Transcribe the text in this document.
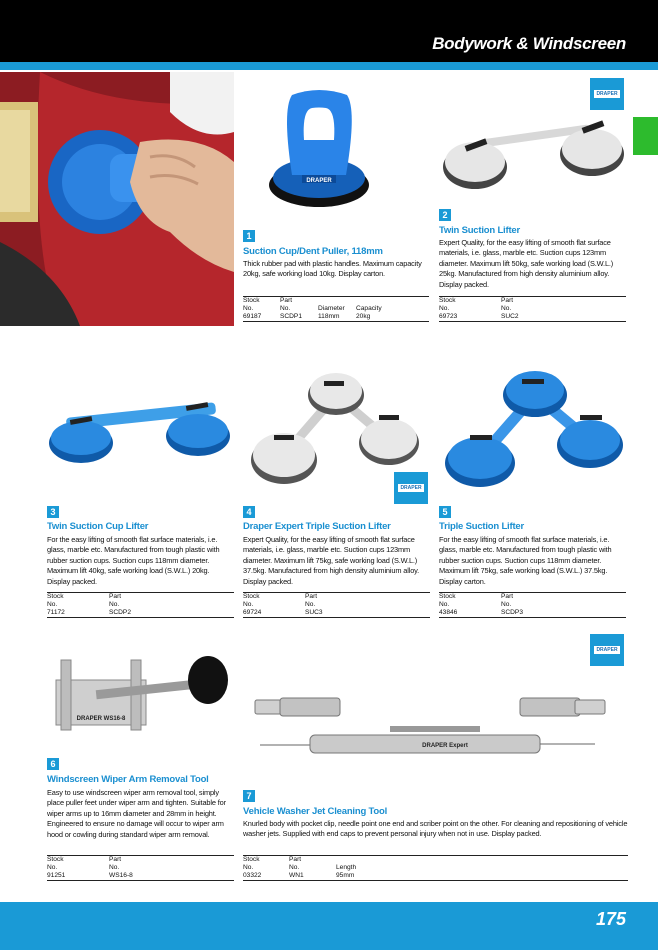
Bodywork & Windscreen
175
DRAPER
DRAPER
DRAPER
DRAPER
DRAPER WS16-8
DRAPER Expert
1
Suction Cup/Dent Puller, 118mm
Thick rubber pad with plastic handles. Maximum capacity 20kg, safe working load 10kg. Display carton.
Stock
No.	Part
No.	Diameter	Capacity
69187	SCDP1	118mm	20kg
2
Twin Suction Lifter
Expert Quality, for the easy lifting of smooth flat surface materials, i.e. glass, marble etc. Suction cups 123mm diameter. Maximum lift 50kg, safe working load (S.W.L.) 25kg. Manufactured from high density aluminium alloy. Display packed.
Stock
No.	Part
No.
69723	SUC2
3
Twin Suction Cup Lifter
For the easy lifting of smooth flat surface materials, i.e. glass, marble etc. Manufactured from tough plastic with rubber suction cups. Suction cups 118mm diameter. Maximum lift 40kg, safe working load (S.W.L.) 20kg. Display packed.
Stock
No.	Part
No.
71172	SCDP2
4
Draper Expert Triple Suction Lifter
Expert Quality, for the easy lifting of smooth flat surface materials, i.e. glass, marble etc. Suction cups 123mm diameter. Maximum lift 75kg, safe working load (S.W.L.) 37.5kg. Manufactured from high density aluminium alloy. Display packed.
Stock
No.	Part
No.
69724	SUC3
5
Triple Suction Lifter
For the easy lifting of smooth flat surface materials, i.e. glass, marble etc. Manufactured from tough plastic with rubber suction cups. Suction cups 118mm diameter. Maximum lift 75kg, safe working load (S.W.L.) 37.5kg. Display carton.
Stock
No.	Part
No.
43846	SCDP3
6
Windscreen Wiper Arm Removal Tool
Easy to use windscreen wiper arm removal tool, simply place puller feet under wiper arm and tighten. Suitable for wiper arms up to 16mm diameter and 28mm in height. Engineered to ensure no damage will occur to wiper arm hood or cowling during standard wiper arm removal.
Stock
No.	Part
No.
91251	WS16-8
7
Vehicle Washer Jet Cleaning Tool
Knurled body with pocket clip, needle point one end and scriber point on the other. For cleaning and repositioning of vehicle washer jets. Supplied with end caps to prevent personal injury when not in use. Display packed.
Stock
No.	Part
No.	Length
03322	WN1	95mm
